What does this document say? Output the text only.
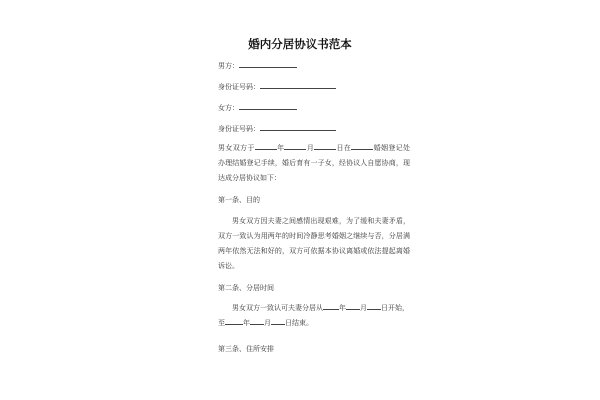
婚内分居协议书范本
男方：
身份证号码：
女方：
身份证号码：
男女双方于	年	月	日在	婚姻登记处办理结婚登记手续，婚后育有一子女，经协议人自愿协商，现达成分居协议如下：
第一条、目的
男女双方因夫妻之间感情出现艰难，为了缓和夫妻矛盾，双方一致认为用两年的时间冷静思考婚姻之继续与否，分居满两年依然无法和好的，双方可依据本协议离婚或依法提起离婚诉讼。
第二条、分居时间
男女双方一致认可夫妻分居从 年 月 日开始，
至	年 月 日结束。
第三条、住所安排
